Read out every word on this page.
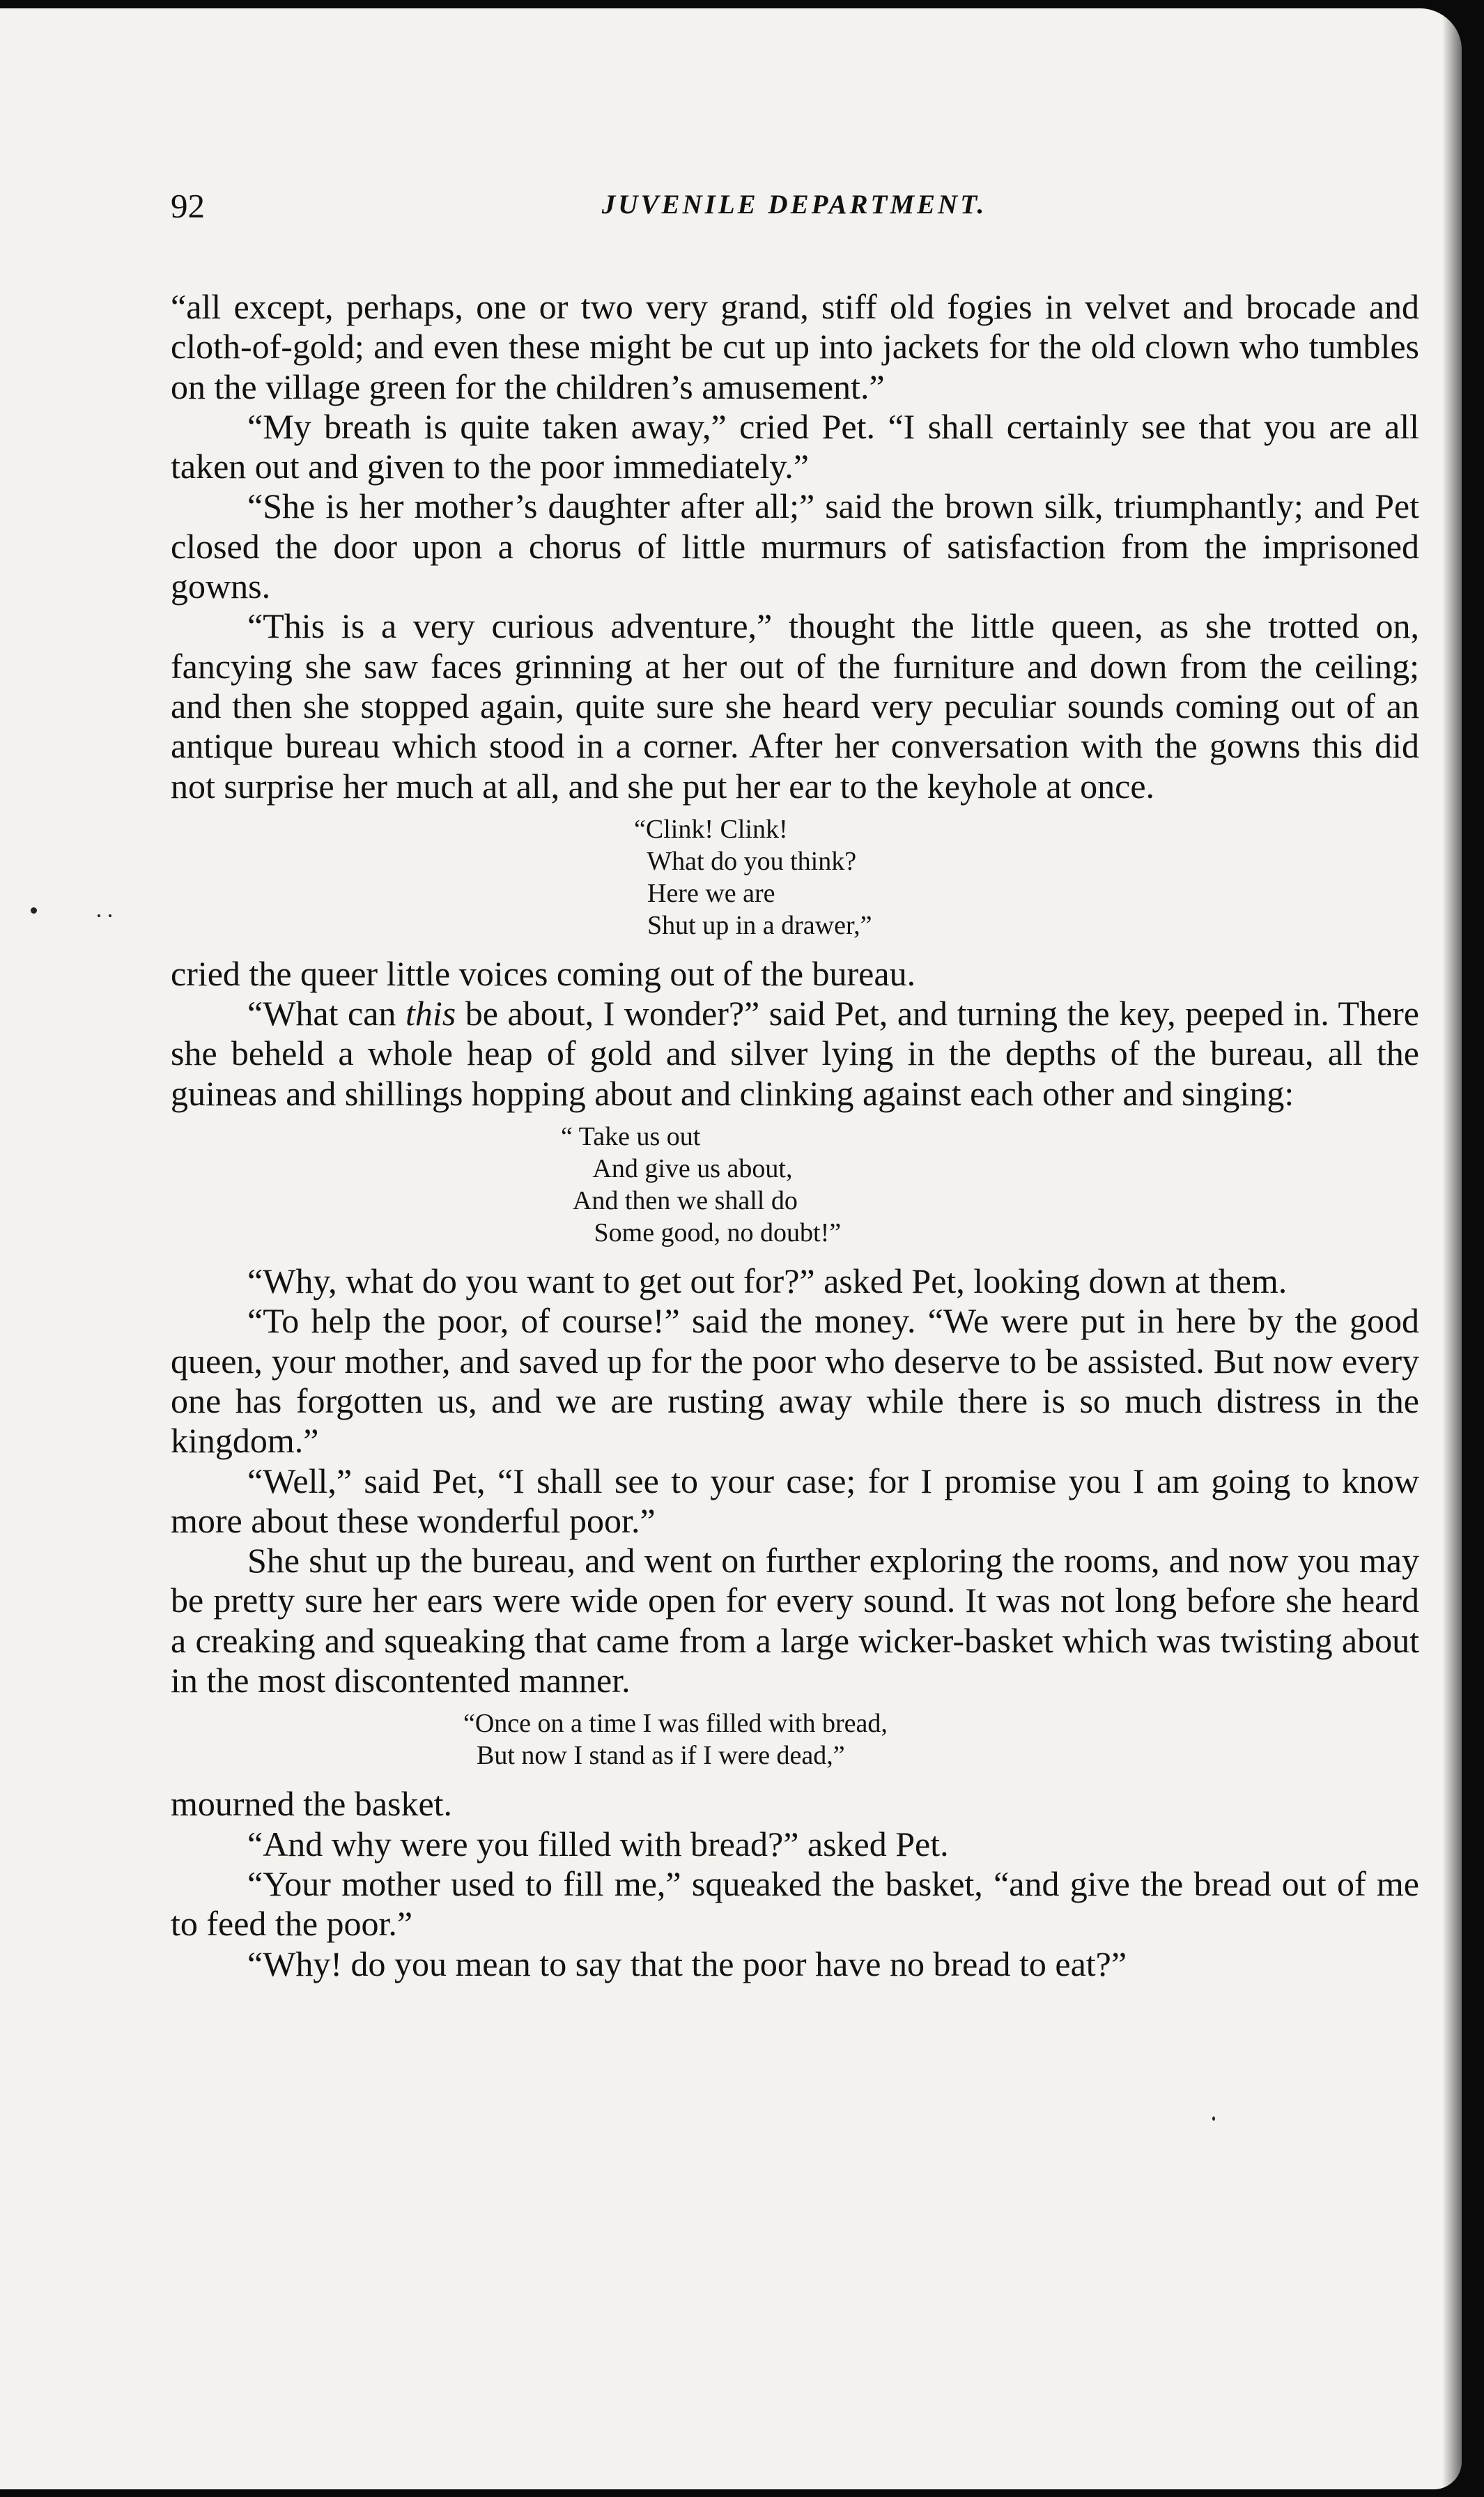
92	JUVENILE DEPARTMENT.

“all except, perhaps, one or two very grand, stiff old fogies in velvet and brocade and cloth-of-gold; and even these might be cut up into jackets for the old clown who tumbles on the village green for the children’s amusement.”

“My breath is quite taken away,” cried Pet. “I shall certainly see that you are all taken out and given to the poor immediately.”

“She is her mother’s daughter after all;” said the brown silk, triumphantly; and Pet closed the door upon a chorus of little murmurs of satisfaction from the imprisoned gowns.

“This is a very curious adventure,” thought the little queen, as she trotted on, fancying she saw faces grinning at her out of the furniture and down from the ceiling; and then she stopped again, quite sure she heard very peculiar sounds coming out of an antique bureau which stood in a corner. After her conversation with the gowns this did not surprise her much at all, and she put her ear to the keyhole at once.

“Clink! Clink!
What do you think?
Here we are
Shut up in a drawer,”

cried the queer little voices coming out of the bureau.

“What can this be about, I wonder?” said Pet, and turning the key, peeped in. There she beheld a whole heap of gold and silver lying in the depths of the bureau, all the guineas and shillings hopping about and clinking against each other and singing:

“ Take us out
And give us about,
And then we shall do
Some good, no doubt!”

“Why, what do you want to get out for?” asked Pet, looking down at them.

“To help the poor, of course!” said the money. “We were put in here by the good queen, your mother, and saved up for the poor who deserve to be assisted. But now every one has forgotten us, and we are rusting away while there is so much distress in the kingdom.”

“Well,” said Pet, “I shall see to your case; for I promise you I am going to know more about these wonderful poor.”

She shut up the bureau, and went on further exploring the rooms, and now you may be pretty sure her ears were wide open for every sound. It was not long before she heard a creaking and squeaking that came from a large wicker-basket which was twisting about in the most discontented manner.

“Once on a time I was filled with bread,
But now I stand as if I were dead,”

mourned the basket.

“And why were you filled with bread?” asked Pet.

“Your mother used to fill me,” squeaked the basket, “and give the bread out of me to feed the poor.”

“Why! do you mean to say that the poor have no bread to eat?”
